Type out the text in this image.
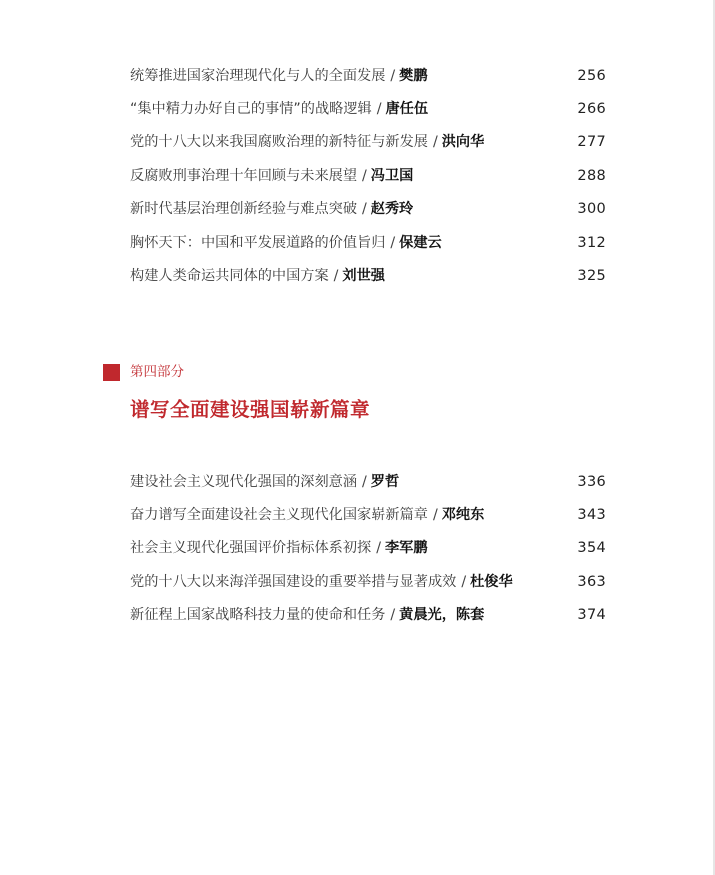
统筹推进国家治理现代化与人的全面发展 / 樊鹏	256
“集中精力办好自己的事情”的战略逻辑 / 唐任伍	266
党的十八大以来我国腐败治理的新特征与新发展 / 洪向华	277
反腐败刑事治理十年回顾与未来展望 / 冯卫国	288
新时代基层治理创新经验与难点突破 / 赵秀玲	300
胸怀天下：中国和平发展道路的价值旨归 / 保建云	312
构建人类命运共同体的中国方案 / 刘世强	325
第四部分
谱写全面建设强国崭新篇章
建设社会主义现代化强国的深刻意涵 / 罗哲	336
奋力谱写全面建设社会主义现代化国家崭新篇章 / 邓纯东	343
社会主义现代化强国评价指标体系初探 / 李军鹏	354
党的十八大以来海洋强国建设的重要举措与显著成效 / 杜俊华	363
新征程上国家战略科技力量的使命和任务 / 黄晨光，陈套	374
